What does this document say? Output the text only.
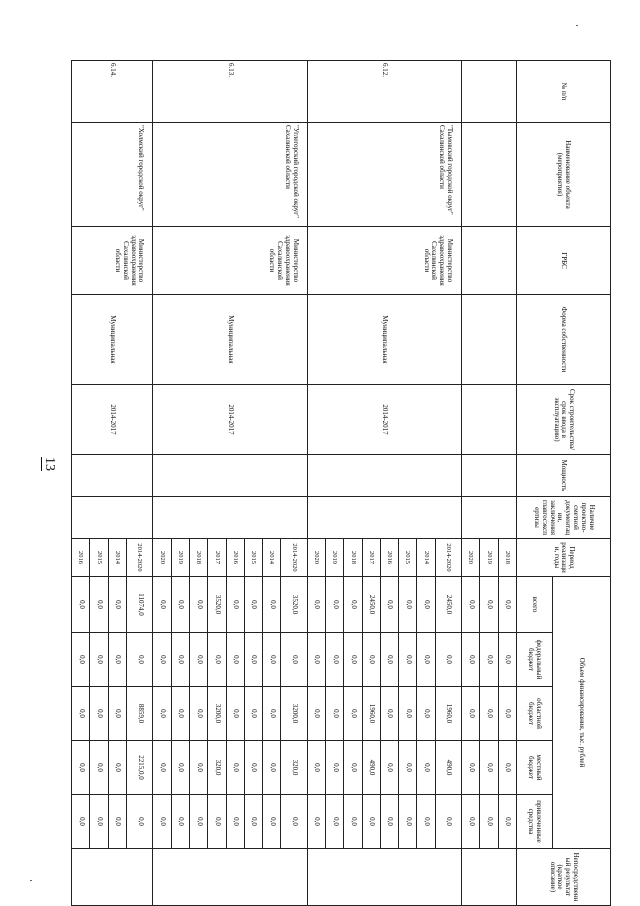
13
№ п/п	Наименование объекта (мероприятия)	ГРБС	Форма собственности	Срок строительства/срок ввода в эксплуатацию)	Мощность	Наличие проектно-сметной документации, заключения главгосэкспертизы	Период реализации, годы	Объем финансирования, тыс. рублей					Непосредственный результат (краткое описание)
								всего	федеральный бюджет	областной бюджет	местный бюджет	привлеченные средства	
							2018	0,0	0,0	0,0	0,0	0,0	
							2019	0,0	0,0	0,0	0,0	0,0	
							2020	0,0	0,0	0,0	0,0	0,0	
6.12.	"Тымовский городской округ" Сахалинской области	Министерство здравоохранения Сахалинской области	Муниципальная	2014-2017			2014-2020	2450,0	0,0	1960,0	490,0	0,0	
							2014	0,0	0,0	0,0	0,0	0,0	
							2015	0,0	0,0	0,0	0,0	0,0	
							2016	0,0	0,0	0,0	0,0	0,0	
							2017	2450,0	0,0	1960,0	490,0	0,0	
							2018	0,0	0,0	0,0	0,0	0,0	
							2019	0,0	0,0	0,0	0,0	0,0	
							2020	0,0	0,0	0,0	0,0	0,0	
6.13.	"Углегорский городской округ" Сахалинской области	Министерство здравоохранения Сахалинской области	Муниципальная	2014-2017			2014-2020	3520,0	0,0	3200,0	320,0	0,0	
							2014	0,0	0,0	0,0	0,0	0,0	
							2015	0,0	0,0	0,0	0,0	0,0	
							2016	0,0	0,0	0,0	0,0	0,0	
							2017	3520,0	0,0	3200,0	320,0	0,0	
							2018	0,0	0,0	0,0	0,0	0,0	
							2019	0,0	0,0	0,0	0,0	0,0	
							2020	0,0	0,0	0,0	0,0	0,0	
6.14.	"Холмский городской округ"	Министерство здравоохранения Сахалинской области	Муниципальная	2014-2017			2014-2020	11074,0	0,0	8859,0	2215,0,0	0,0	
							2014	0,0	0,0	0,0	0,0	0,0	
							2015	0,0	0,0	0,0	0,0	0,0	
							2016	0,0	0,0	0,0	0,0	0,0	
